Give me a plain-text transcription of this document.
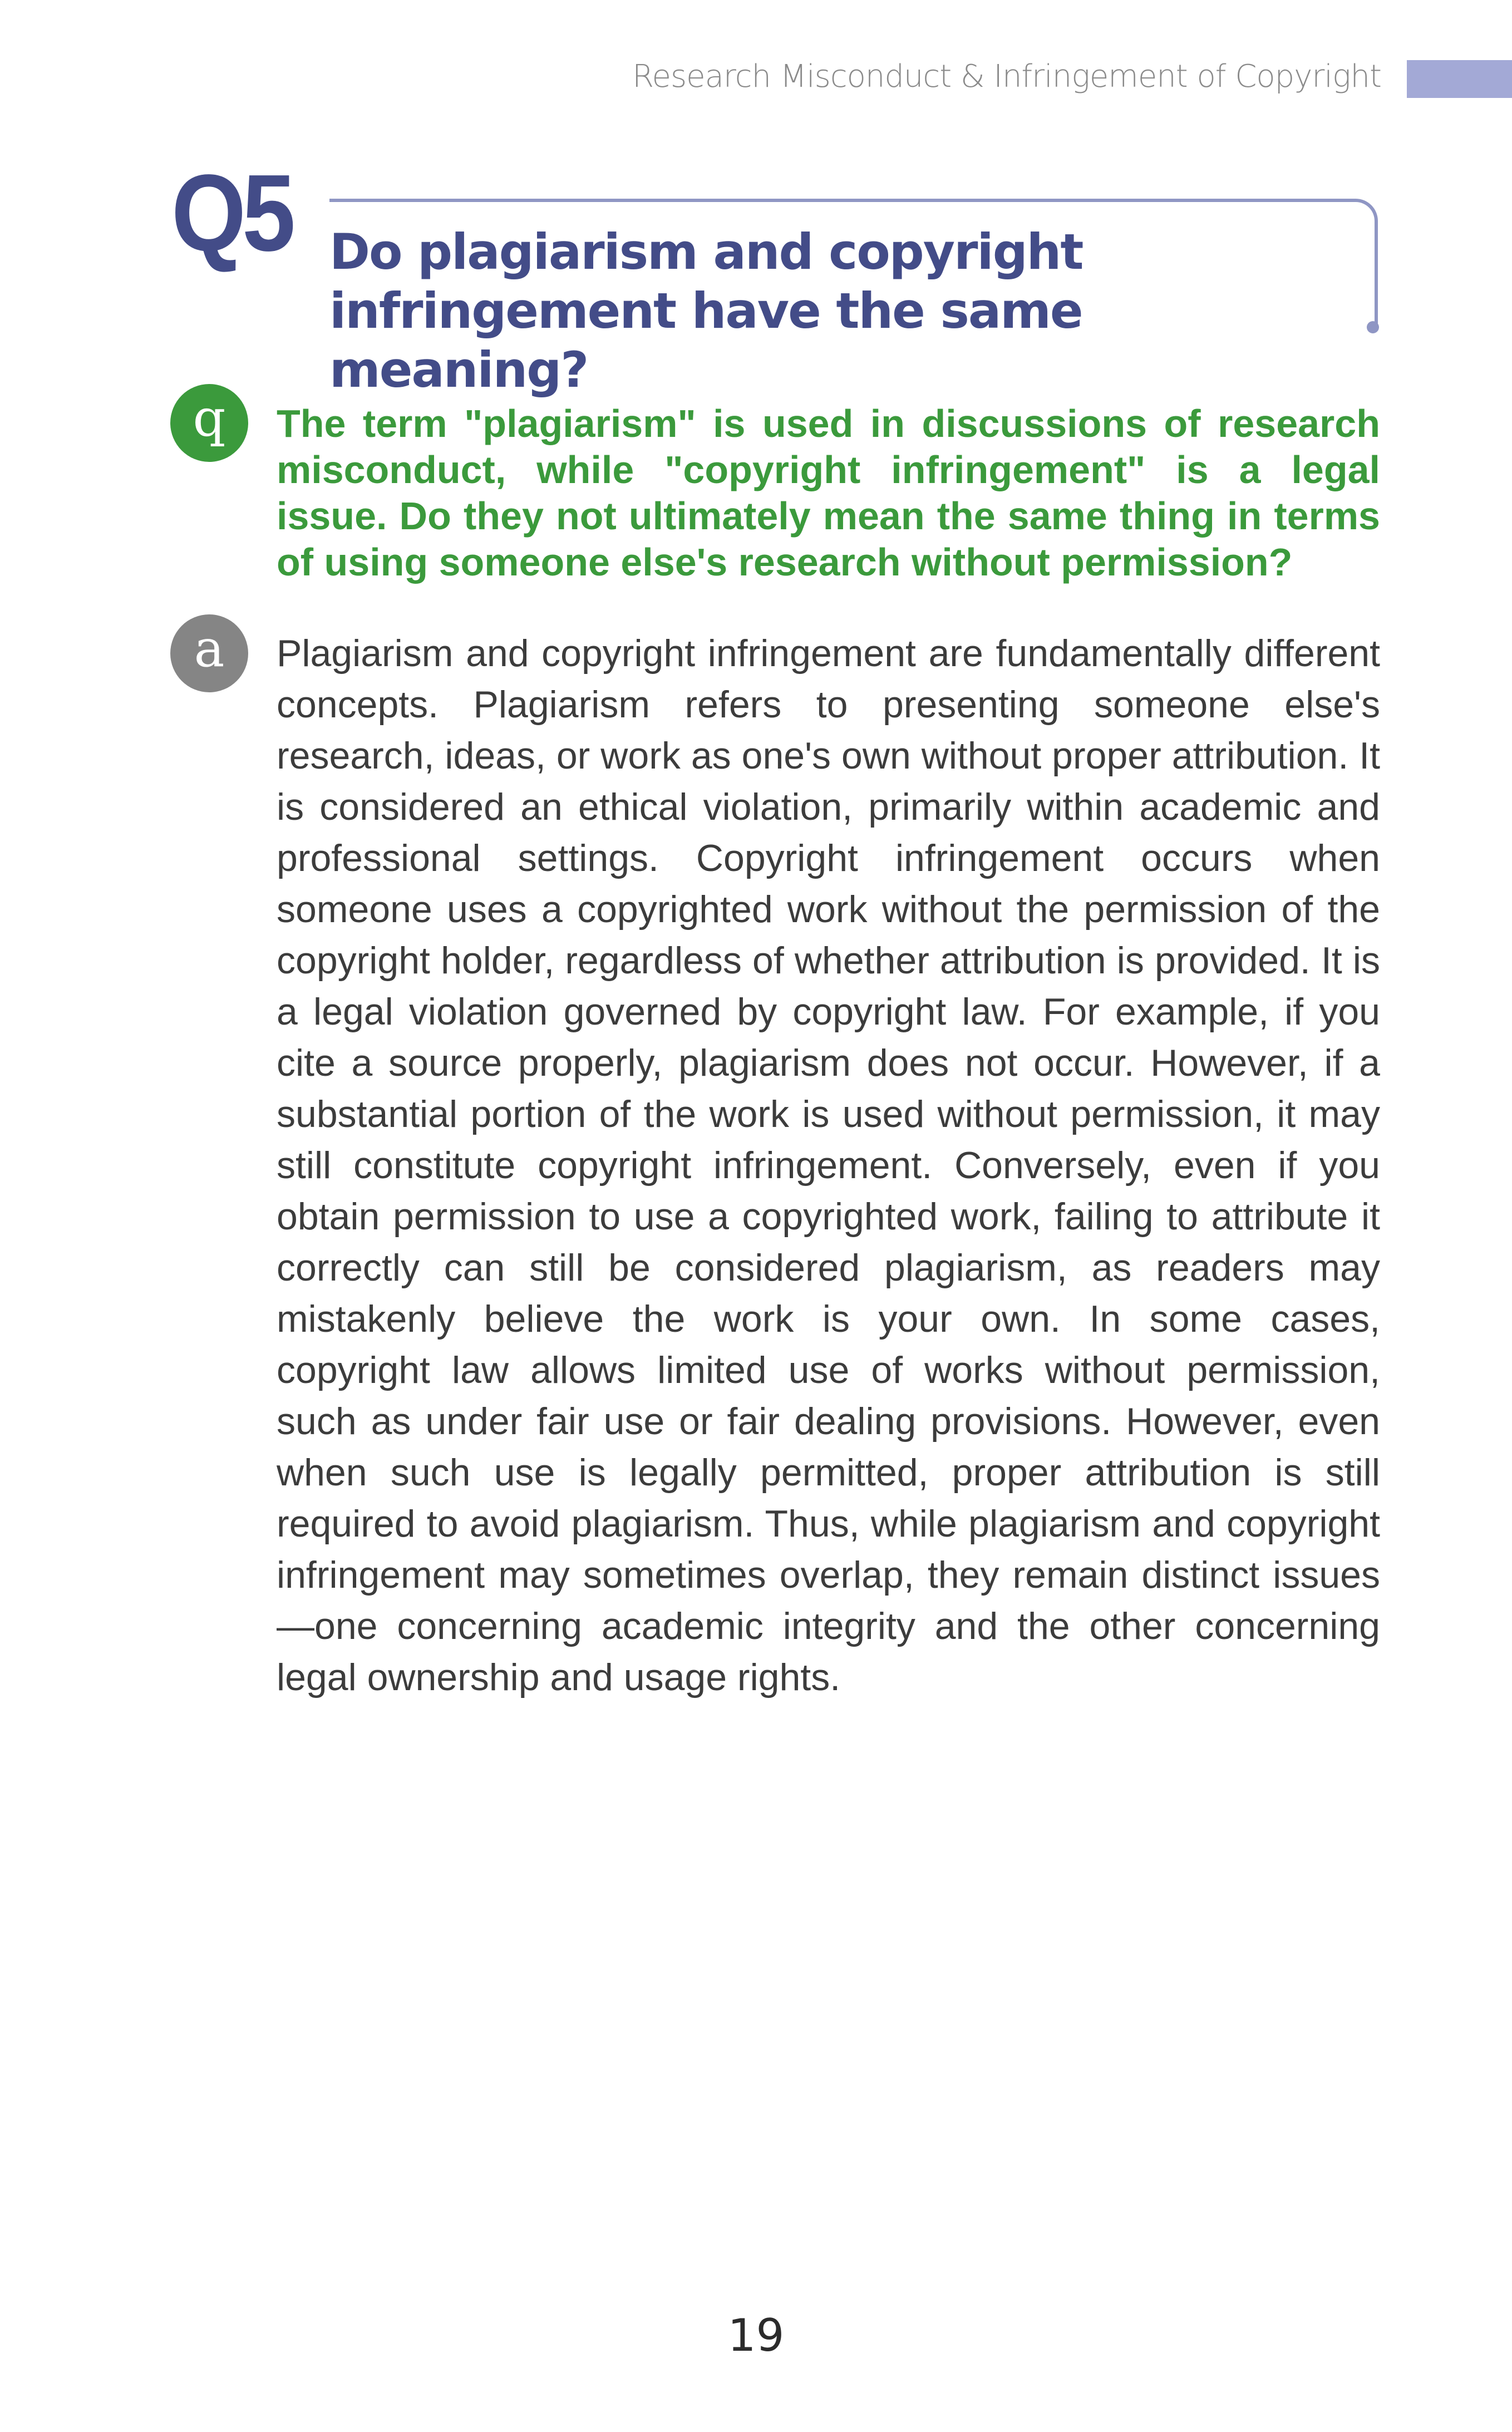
Research Misconduct & Infringement of Copyright
Q5 Do plagiarism and copyright infringement have the same meaning?
q	The term "plagiarism" is used in discussions of research misconduct, while "copyright infringement" is a legal issue. Do they not ultimately mean the same thing in terms of using someone else's research without permission?
a	Plagiarism and copyright infringement are fundamentally different concepts. Plagiarism refers to presenting someone else's research, ideas, or work as one's own without proper attribution. It is considered an ethical violation, primarily within academic and professional settings. Copyright infringement occurs when someone uses a copyrighted work without the permission of the copyright holder, regardless of whether attribution is provided. It is a legal violation governed by copyright law. For example, if you cite a source properly, plagiarism does not occur. However, if a substantial portion of the work is used without permission, it may still constitute copyright infringement. Conversely, even if you obtain permission to use a copyrighted work, failing to attribute it correctly can still be considered plagiarism, as readers may mistakenly believe the work is your own. In some cases, copyright law allows limited use of works without permission, such as under fair use or fair dealing provisions. However, even when such use is legally permitted, proper attribution is still required to avoid plagiarism. Thus, while plagiarism and copyright infringement may sometimes overlap, they remain distinct issues—one concerning academic integrity and the other concerning legal ownership and usage rights.
19
